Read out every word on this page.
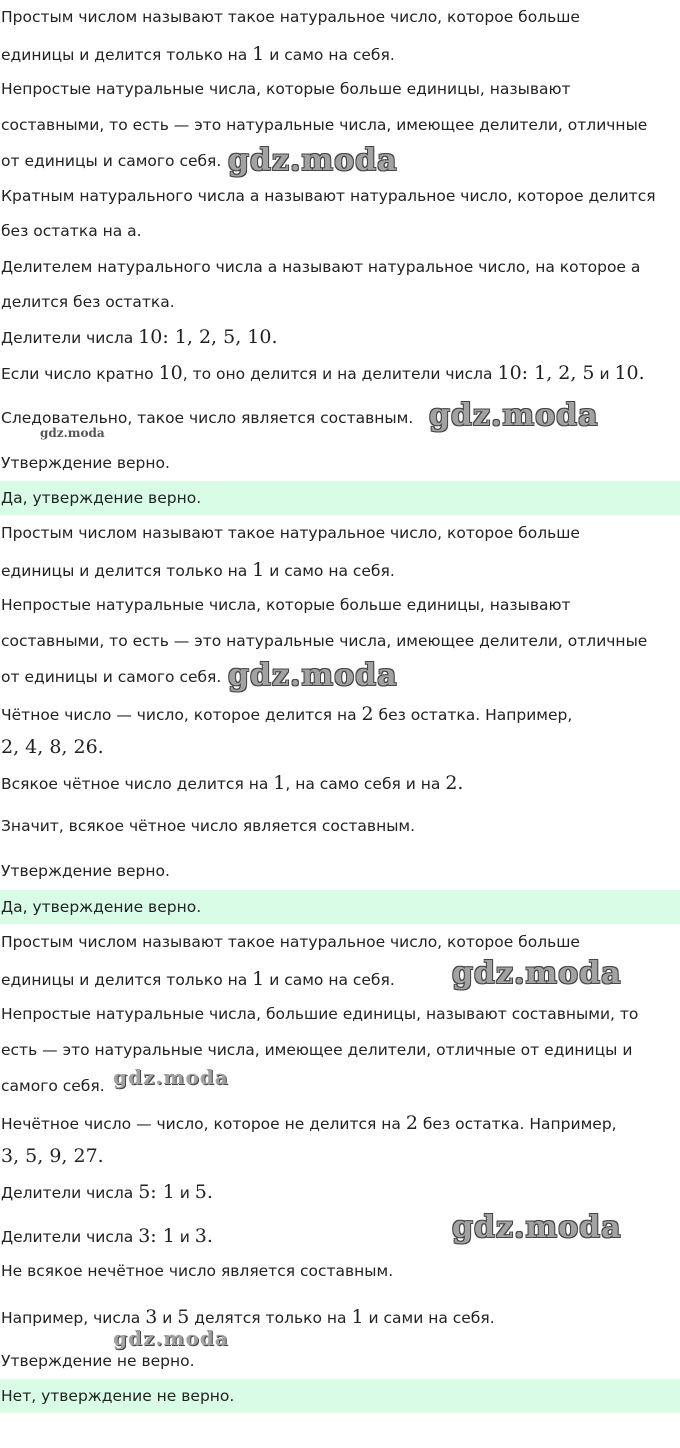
Простым числом называют такое натуральное число, которое больше
единицы и делится только на 1 и само на себя.
Непростые натуральные числа, которые больше единицы, называют
составными, то есть — это натуральные числа, имеющее делители, отличные
от единицы и самого себя. gdz.moda
Кратным натурального числа a называют натуральное число, которое делится
без остатка на a.
Делителем натурального числа a называют натуральное число, на которое a
делится без остатка.
Делители числа 10: 1, 2, 5, 10.
Если число кратно 10, то оно делится и на делители числа 10: 1, 2, 5 и 10.
Следовательно, такое число является составным. gdz.moda
gdz.moda
Утверждение верно.
Да, утверждение верно.
Простым числом называют такое натуральное число, которое больше
единицы и делится только на 1 и само на себя.
Непростые натуральные числа, которые больше единицы, называют
составными, то есть — это натуральные числа, имеющее делители, отличные
от единицы и самого себя. gdz.moda
Чётное число — число, которое делится на 2 без остатка. Например,
2, 4, 8, 26.
Всякое чётное число делится на 1, на само себя и на 2.
Значит, всякое чётное число является составным.
Утверждение верно.
Да, утверждение верно.
Простым числом называют такое натуральное число, которое больше
единицы и делится только на 1 и само на себя. gdz.moda
Непростые натуральные числа, большие единицы, называют составными, то
есть — это натуральные числа, имеющее делители, отличные от единицы и
самого себя. gdz.moda
Нечётное число — число, которое не делится на 2 без остатка. Например,
3, 5, 9, 27.
Делители числа 5: 1 и 5.
Делители числа 3: 1 и 3.	gdz.moda
Не всякое нечётное число является составным.
Например, числа 3 и 5 делятся только на 1 и сами на себя.
gdz.moda
Утверждение не верно.
Нет, утверждение не верно.
